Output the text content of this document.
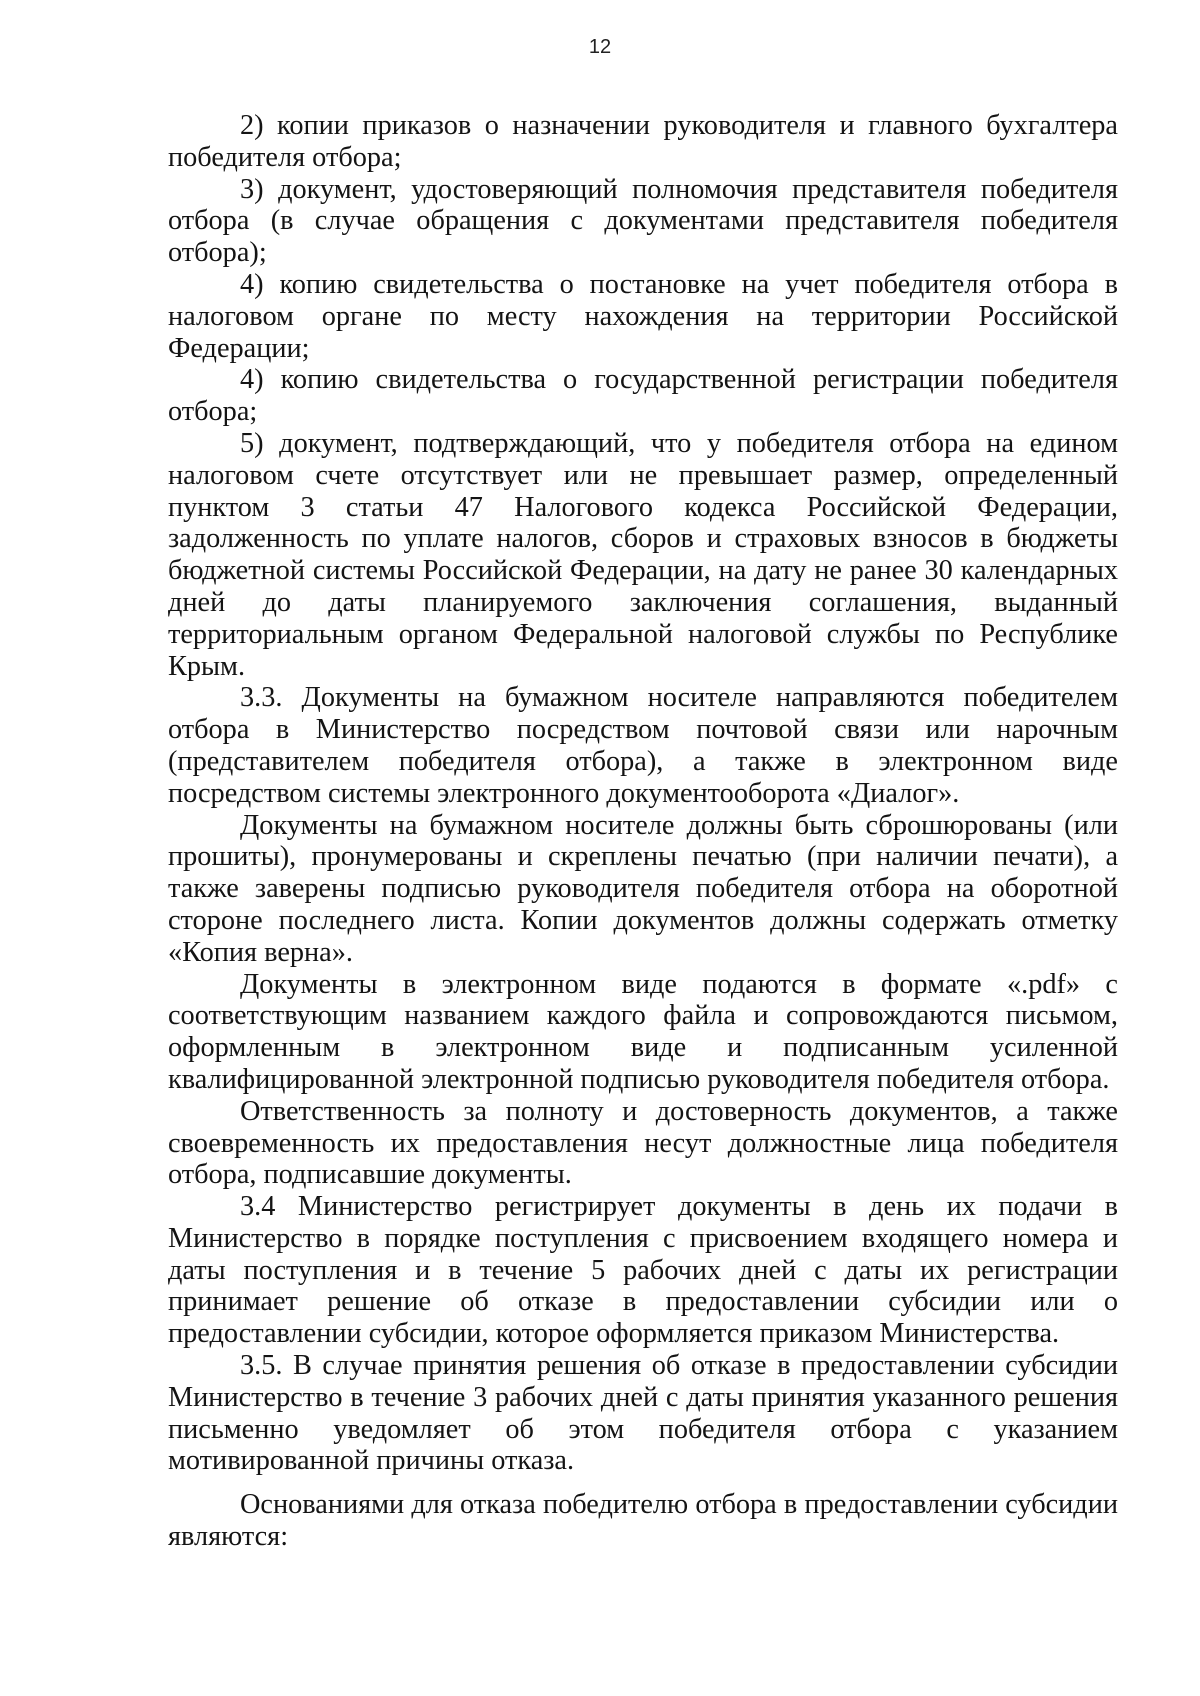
12

2) копии приказов о назначении руководителя и главного бухгалтера победителя отбора;

3) документ, удостоверяющий полномочия представителя победителя отбора (в случае обращения с документами представителя победителя отбора);

4) копию свидетельства о постановке на учет победителя отбора в налоговом органе по месту нахождения на территории Российской Федерации;

4) копию свидетельства о государственной регистрации победителя отбора;

5) документ, подтверждающий, что у победителя отбора на едином налоговом счете отсутствует или не превышает размер, определенный пунктом 3 статьи 47 Налогового кодекса Российской Федерации, задолженность по уплате налогов, сборов и страховых взносов в бюджеты бюджетной системы Российской Федерации, на дату не ранее 30 календарных дней до даты планируемого заключения соглашения, выданный территориальным органом Федеральной налоговой службы по Республике Крым.

3.3. Документы на бумажном носителе направляются победителем отбора в Министерство посредством почтовой связи или нарочным (представителем победителя отбора), а также в электронном виде посредством системы электронного документооборота «Диалог».

Документы на бумажном носителе должны быть сброшюрованы (или прошиты), пронумерованы и скреплены печатью (при наличии печати), а также заверены подписью руководителя победителя отбора на оборотной стороне последнего листа. Копии документов должны содержать отметку «Копия верна».

Документы в электронном виде подаются в формате «.pdf» с соответствующим названием каждого файла и сопровождаются письмом, оформленным в электронном виде и подписанным усиленной квалифицированной электронной подписью руководителя победителя отбора.

Ответственность за полноту и достоверность документов, а также своевременность их предоставления несут должностные лица победителя отбора, подписавшие документы.

3.4 Министерство регистрирует документы в день их подачи в Министерство в порядке поступления с присвоением входящего номера и даты поступления и в течение 5 рабочих дней с даты их регистрации принимает решение об отказе в предоставлении субсидии или о предоставлении субсидии, которое оформляется приказом Министерства.

3.5. В случае принятия решения об отказе в предоставлении субсидии Министерство в течение 3 рабочих дней с даты принятия указанного решения письменно уведомляет об этом победителя отбора с указанием мотивированной причины отказа.

Основаниями для отказа победителю отбора в предоставлении субсидии являются:
